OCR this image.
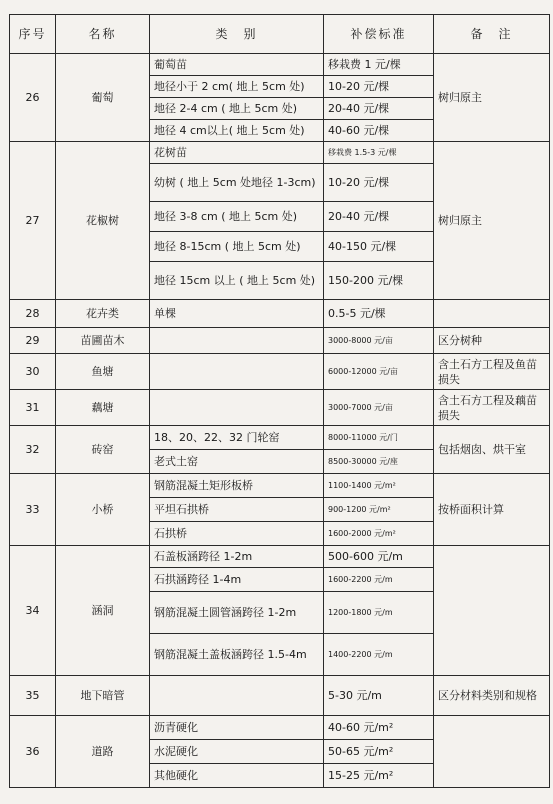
序号	名称	类　别	补偿标准	备　注
26	葡萄	葡萄苗	移栽费 1 元/棵	树归原主
		地径小于 2 cm( 地上 5cm 处)	10-20 元/棵	
		地径 2-4 cm ( 地上 5cm 处)	20-40 元/棵	
		地径 4 cm以上( 地上 5cm 处)	40-60 元/棵	
27	花椒树	花树苗	移栽费 1.5-3 元/棵	树归原主
		幼树 ( 地上 5cm 处地径 1-3cm)	10-20 元/棵	
		地径 3-8 cm ( 地上 5cm 处)	20-40 元/棵	
		地径 8-15cm ( 地上 5cm 处)	40-150 元/棵	
		地径 15cm 以上 ( 地上 5cm 处)	150-200 元/棵	
28	花卉类	单棵	0.5-5 元/棵	
29	苗圃苗木		3000-8000 元/亩	区分树种
30	鱼塘		6000-12000 元/亩	含土石方工程及鱼苗损失
31	藕塘		3000-7000 元/亩	含土石方工程及藕苗损失
32	砖窑	18、20、22、32 门轮窑	8000-11000 元/门	包括烟囱、烘干室
		老式土窑	8500-30000 元/座	
33	小桥	钢筋混凝土矩形板桥	1100-1400 元/m²	按桥面积计算
		平坦石拱桥	900-1200 元/m²	
		石拱桥	1600-2000 元/m²	
34	涵洞	石盖板涵跨径 1-2m	500-600 元/m	
		石拱涵跨径 1-4m	1600-2200 元/m	
		钢筋混凝土圆管涵跨径 1-2m	1200-1800 元/m	
		钢筋混凝土盖板涵跨径 1.5-4m	1400-2200 元/m	
35	地下暗管		5-30 元/m	区分材料类别和规格
36	道路	沥青硬化	40-60 元/m²	
		水泥硬化	50-65 元/m²	
		其他硬化	15-25 元/m²	
